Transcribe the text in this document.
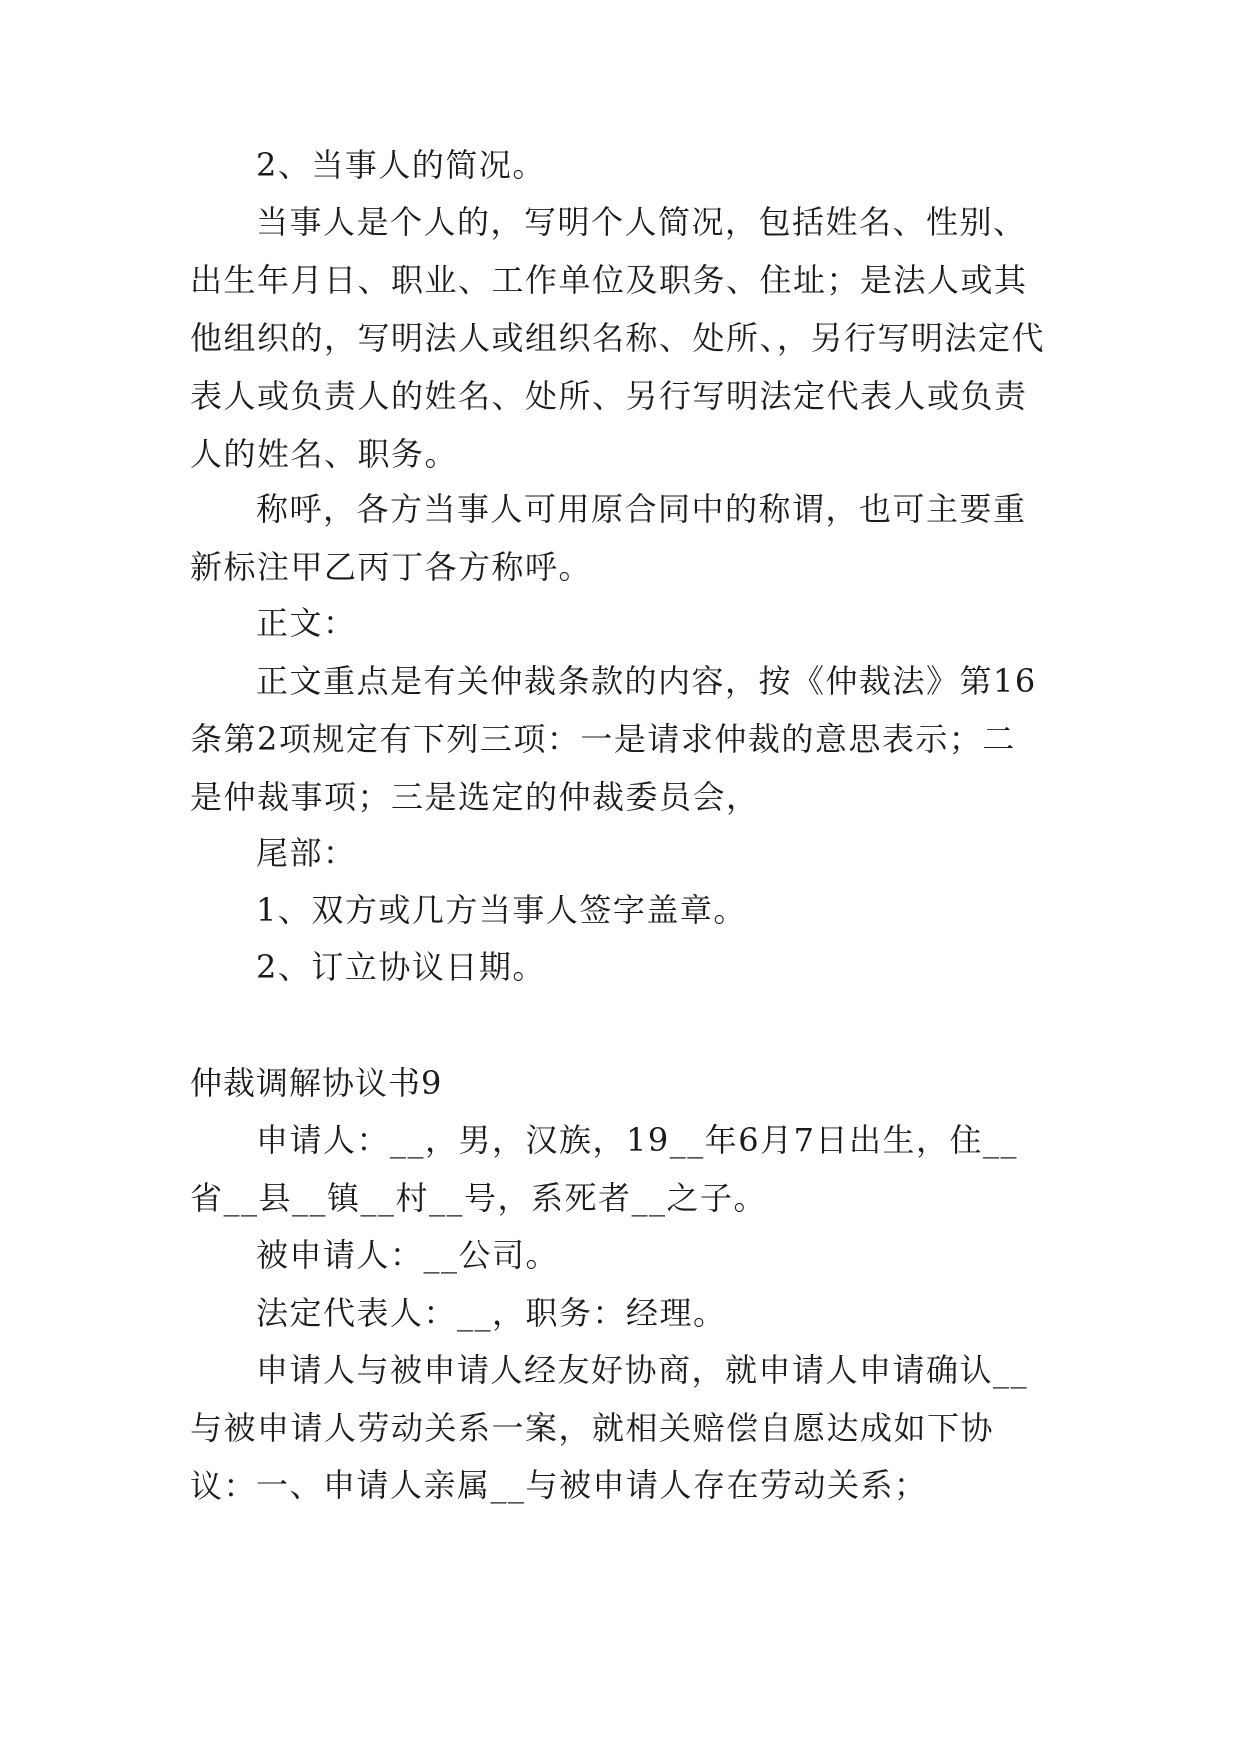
2、当事人的简况。

当事人是个人的，写明个人简况，包括姓名、性别、出生年月日、职业、工作单位及职务、住址；是法人或其他组织的，写明法人或组织名称、处所、，另行写明法定代表人或负责人的姓名、处所、另行写明法定代表人或负责人的姓名、职务。

称呼，各方当事人可用原合同中的称谓，也可主要重新标注甲乙丙丁各方称呼。

正文：

正文重点是有关仲裁条款的内容，按《仲裁法》第16条第2项规定有下列三项：一是请求仲裁的意思表示；二是仲裁事项；三是选定的仲裁委员会，

尾部：

1、双方或几方当事人签字盖章。

2、订立协议日期。

仲裁调解协议书9

申请人：__，男，汉族，19__年6月7日出生，住__省__县__镇__村__号，系死者__之子。

被申请人：__公司。

法定代表人：__，职务：经理。

申请人与被申请人经友好协商，就申请人申请确认__与被申请人劳动关系一案，就相关赔偿自愿达成如下协议：

一、申请人亲属__与被申请人存在劳动关系；
